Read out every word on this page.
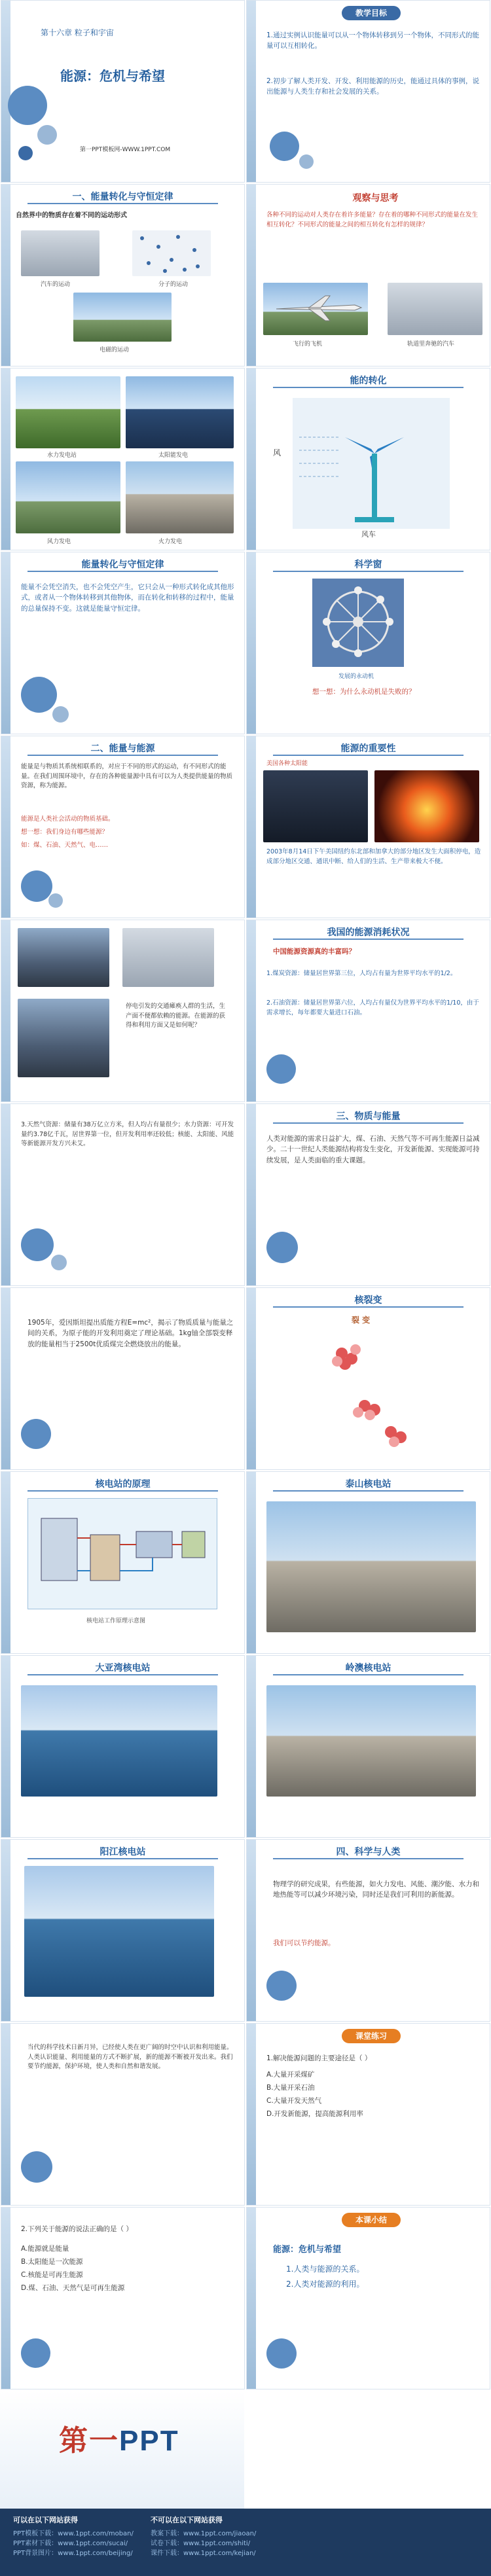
第十六章 粒子和宇宙
能源：危机与希望
第一PPT模板网-WWW.1PPT.COM
教学目标
1.通过实例认识能量可以从一个物体转移到另一个物体，不同形式的能量可以互相转化。
2.初步了解人类开发、开发、利用能源的历史，能通过具体的事例，说出能源与人类生存和社会发展的关系。
一、能量转化与守恒定律
自然界中的物质存在着不同的运动形式
汽车的运动	分子的运动
电磁的运动
观察与思考
各种不同的运动对人类存在着许多能量？存在着的哪种不同形式的能量在发生相互转化？不同形式的能量之间的相互转化有怎样的规律？
飞行的飞机	轨道里奔驰的汽车
水力发电站	太阳能发电
风力发电	火力发电
能的转化
风
风车
能量转化与守恒定律
能量不会凭空消失，也不会凭空产生，它只会从一种形式转化成其他形式，或者从一个物体转移到其他物体，而在转化和转移的过程中，能量的总量保持不变。这就是能量守恒定律。
科学窗
发展的永动机
想一想：为什么永动机是失败的？
二、能量与能源
能量是与物质其系统相联系的，对应于不同的形式的运动，有不同形式的能量。在我们周围环境中，存在的各种能量源中具有可以为人类提供能量的物质资源，称为能源。
能源是人类社会活动的物质基础。
想一想：我们身边有哪些能源？
如：煤、石油、天然气、电……
能源的重要性
美国各种太阳能
2003年8月14日下午美国纽约东北部和加拿大的部分地区发生大面积停电，造成部分地区交通、通讯中断、给人们的生活、生产带来极大不便。
停电引发的交通瘫痪人群的生活，生产面不便都依赖的能源。在能源的获得和利用方面又是如何呢？
我国的能源消耗状况
中国能源资源真的丰富吗？
1.煤炭资源：储量居世界第三位，人均占有量为世界平均水平的1/2。
2.石油资源：储量居世界第六位，人均占有量仅为世界平均水平的1/10，由于需求增长，每年都要大量进口石油。
3.天然气资源：储量有38万亿立方米，但人均占有量很少；水力资源：可开发量约3.78亿千瓦，居世界第一位，但开发利用率还较低；核能、太阳能、风能等新能源开发方兴未艾。
三、物质与能量
人类对能源的需求日益扩大，煤、石油、天然气等不可再生能源日益减少。二十一世纪人类能源结构将发生变化，开发新能源、实现能源可持续发展，是人类面临的重大课题。
1905年，爱因斯坦提出质能方程E=mc²，揭示了物质质量与能量之间的关系，为原子能的开发利用奠定了理论基础。1kg铀全部裂变释放的能量相当于2500t优质煤完全燃烧放出的能量。
核裂变
裂 变
核电站的原理
核电站工作原理示意图
泰山核电站
大亚湾核电站	岭澳核电站
阳江核电站	四、科学与人类
物理学的研究成果，有些能源，如火力发电、风能、潮汐能、水力和地热能等可以减少环境污染，同时还是我们可利用的新能源。
我们可以节约能源。
当代的科学技术日新月异，已经使人类在更广阔的时空中认识和利用能量。人类认识能量、利用能量的方式不断扩展，新的能源不断被开发出来。我们要节约能源，保护环境，使人类和自然和谐发展。
课堂练习
1.解决能源问题的主要途径是（ ）
A.大量开采煤矿
B.大量开采石油
C.大量开发天然气
D.开发新能源，提高能源利用率
2.下列关于能源的说法正确的是（ ）
A.能源就是能量
B.太阳能是一次能源
C.核能是可再生能源
D.煤、石油、天然气是可再生能源
本课小结
能源：危机与希望
1.人类与能源的关系。
2.人类对能源的利用。
第一PPT
可以在以下网站获得
PPT模板下载：www.1ppt.com/moban/
PPT素材下载：www.1ppt.com/sucai/
PPT背景图片：www.1ppt.com/beijing/
不可以在以下网站获得
教案下载：www.1ppt.com/jiaoan/
试卷下载：www.1ppt.com/shiti/
课件下载：www.1ppt.com/kejian/
